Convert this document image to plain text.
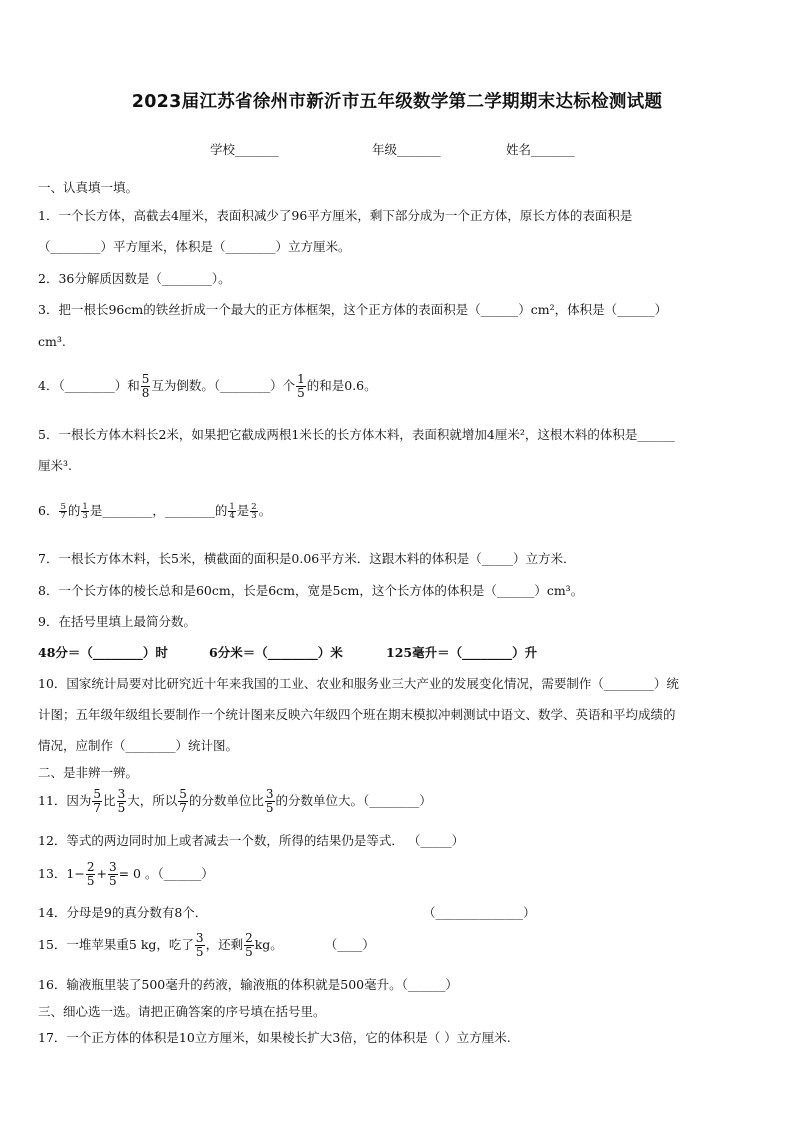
2023届江苏省徐州市新沂市五年级数学第二学期期末达标检测试题
学校_______	年级_______	姓名_______
一、认真填一填。
1．一个长方体，高截去4厘米，表面积减少了96平方厘米，剩下部分成为一个正方体，原长方体的表面积是
（________）平方厘米，体积是（________）立方厘米。
2．36分解质因数是（________）。
3．把一根长96cm的铁丝折成一个最大的正方体框架，这个正方体的表面积是（______）cm²，体积是（______）
cm³.
4．（________）和 $\frac{5}{8}$ 互为倒数。（________）个 $\frac{1}{5}$ 的和是0.6。
5．一根长方体木料长2米，如果把它截成两根1米长的长方体木料，表面积就增加4厘米²，这根木料的体积是______
厘米³.
6． $\frac{5}{7}$ 的 $\frac{1}{3}$ 是________，________的 $\frac{1}{4}$ 是 $\frac{2}{3}$ 。
7．一根长方体木料，长5米，横截面的面积是0.06平方米．这跟木料的体积是（_____）立方米．
8．一个长方体的棱长总和是60cm，长是6cm，宽是5cm，这个长方体的体积是（______）cm³。
9．在括号里填上最简分数。
48分＝（________）时	6分米＝（________）米	125毫升＝（________）升
10．国家统计局要对比研究近十年来我国的工业、农业和服务业三大产业的发展变化情况，需要制作（________）统
计图；五年级年级组长要制作一个统计图来反映六年级四个班在期末模拟冲刺测试中语文、数学、英语和平均成绩的
情况，应制作（________）统计图。
二、是非辨一辨。
11．因为 $\frac{5}{7}$ 比 $\frac{3}{5}$ 大，所以 $\frac{5}{7}$ 的分数单位比 $\frac{3}{5}$ 的分数单位大。（________）
12．等式的两边同时加上或者减去一个数，所得的结果仍是等式． （_____）
13．$1- \frac{2}{5} + \frac{3}{5} = 0$ 。（______）
14．分母是9的真分数有8个．	（______________）
15．一堆苹果重5 kg，吃了 $\frac{3}{5}$ ，还剩 $\frac{2}{5}$ kg。	（____）
16．输液瓶里装了500毫升的药液，输液瓶的体积就是500毫升。（______）
三、细心选一选。请把正确答案的序号填在括号里。
17．一个正方体的体积是10立方厘米，如果棱长扩大3倍，它的体积是（ ）立方厘米.
